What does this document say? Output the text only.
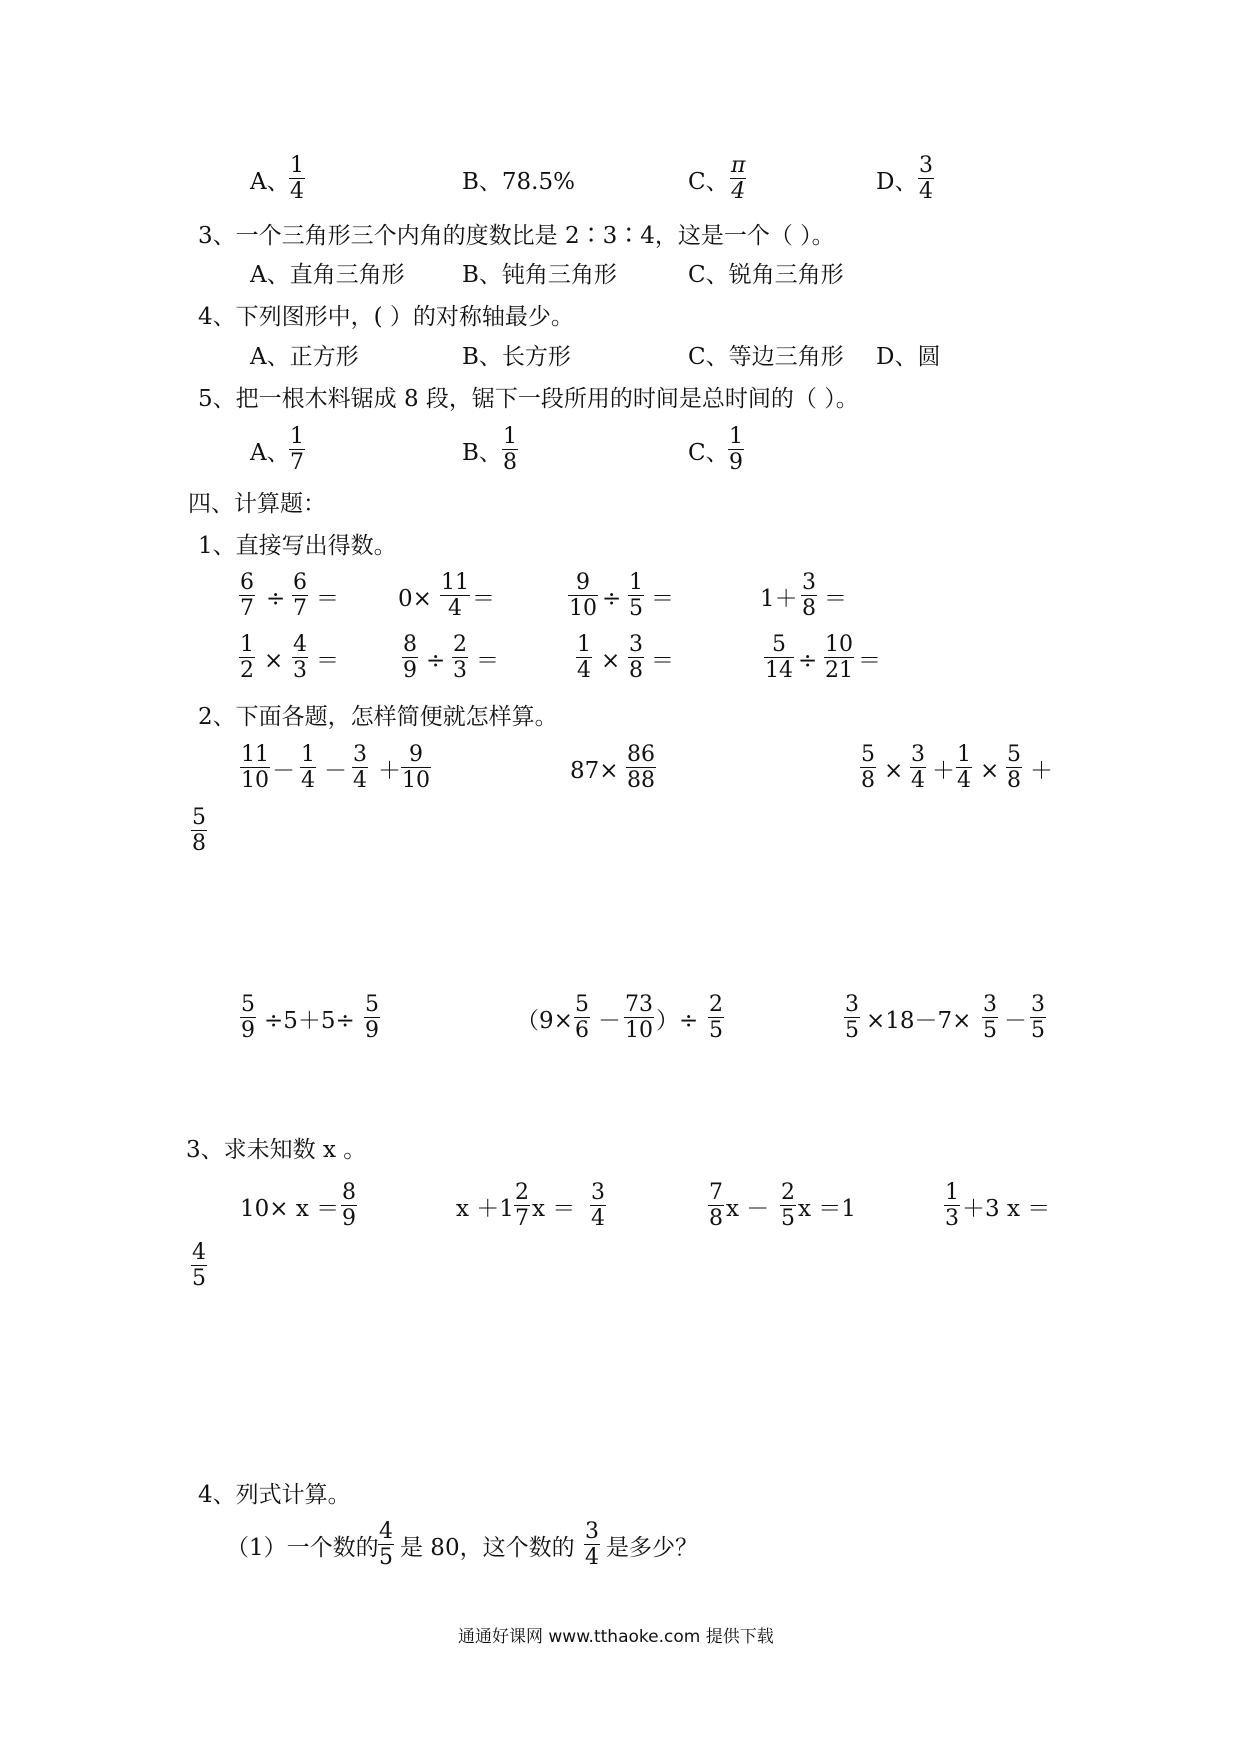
A、
1
4	B、78.5%	C、
π
4	D、
3
4
3、一个三角形三个内角的度数比是 2∶3∶4，这是一个（ ）。
A、直角三角形 B、钝角三角形	C、锐角三角形
4、下列图形中，( ）的对称轴最少。
A、正方形	B、长方形	C、等边三角形 D、圆
5、把一根木料锯成 8 段，锯下一段所用的时间是总时间的（ ）。
A、
1
7	B、
1
8	C、
1
9
四、计算题：
1、直接写出得数。
6
7 ÷
6
7 ＝	0×
11
4 ＝
9
10 ÷
1
5 ＝	1＋
3
8 ＝
1
2 ×
4
3 ＝
8
9 ÷
2
3 ＝
1
4 ×
3
8 ＝
5
14 ÷
10
21 ＝
2、下面各题，怎样简便就怎样算。
11
10 －
1
4 －
3
4 ＋
9
10	87×
86
88
5
8 ×
3
4 ＋
1
4 ×
5
8 ＋
5
8
5
9 ÷5＋5÷
5
9	（9×
5
6 －
73
10 ）÷
2
5
3
5 ×18－7×
3
5 －
3
5
3、求未知数 x 。
10× x ＝
8
9	x ＋1
2
7 x ＝
3
4
7
8 x －
2
5 x ＝1
1
3 ＋3 x ＝
4
5
4、列式计算。
（1）一个数的
4
5 是 80，这个数的
3
4 是多少？
通通好课网 www.tthaoke.com 提供下载
